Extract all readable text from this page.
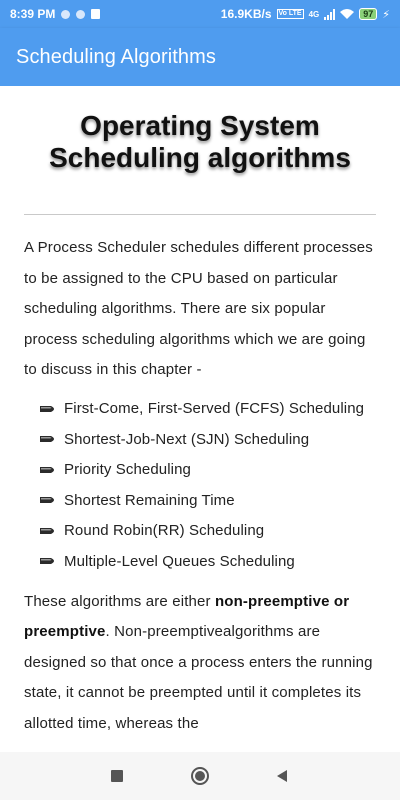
8:39 PM	16.9KB/s Vo LTE 4G	97 ⚡
Scheduling Algorithms
Operating System
Scheduling algorithms

A Process Scheduler schedules different processes to be assigned to the CPU based on particular scheduling algorithms. There are six popular process scheduling algorithms which we are going to discuss in this chapter -

First-Come, First-Served (FCFS) Scheduling
Shortest-Job-Next (SJN) Scheduling
Priority Scheduling
Shortest Remaining Time
Round Robin(RR) Scheduling
Multiple-Level Queues Scheduling

These algorithms are either non-preemptive or preemptive. Non-preemptivealgorithms are designed so that once a process enters the running state, it cannot be preempted until it completes its allotted time, whereas the
